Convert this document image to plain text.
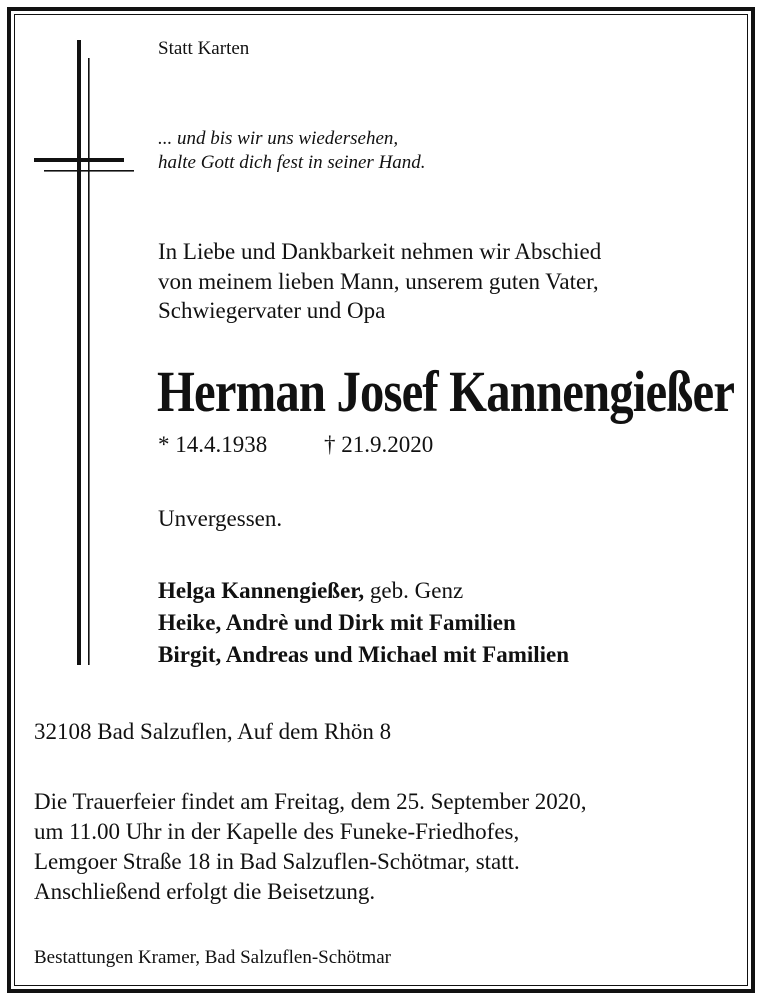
Statt Karten

... und bis wir uns wiedersehen,

halte Gott dich fest in seiner Hand.

In Liebe und Dankbarkeit nehmen wir Abschied

von meinem lieben Mann, unserem guten Vater,

Schwiegervater und Opa

Herman Josef Kannengießer

* 14.4.1938 † 21.9.2020

Unvergessen.

Helga Kannengießer, geb. Genz

Heike, Andrè und Dirk mit Familien

Birgit, Andreas und Michael mit Familien

32108 Bad Salzuflen, Auf dem Rhön 8

Die Trauerfeier findet am Freitag, dem 25. September 2020,

um 11.00 Uhr in der Kapelle des Funeke-Friedhofes,

Lemgoer Straße 18 in Bad Salzuflen-Schötmar, statt.

Anschließend erfolgt die Beisetzung.

Bestattungen Kramer, Bad Salzuflen-Schötmar
